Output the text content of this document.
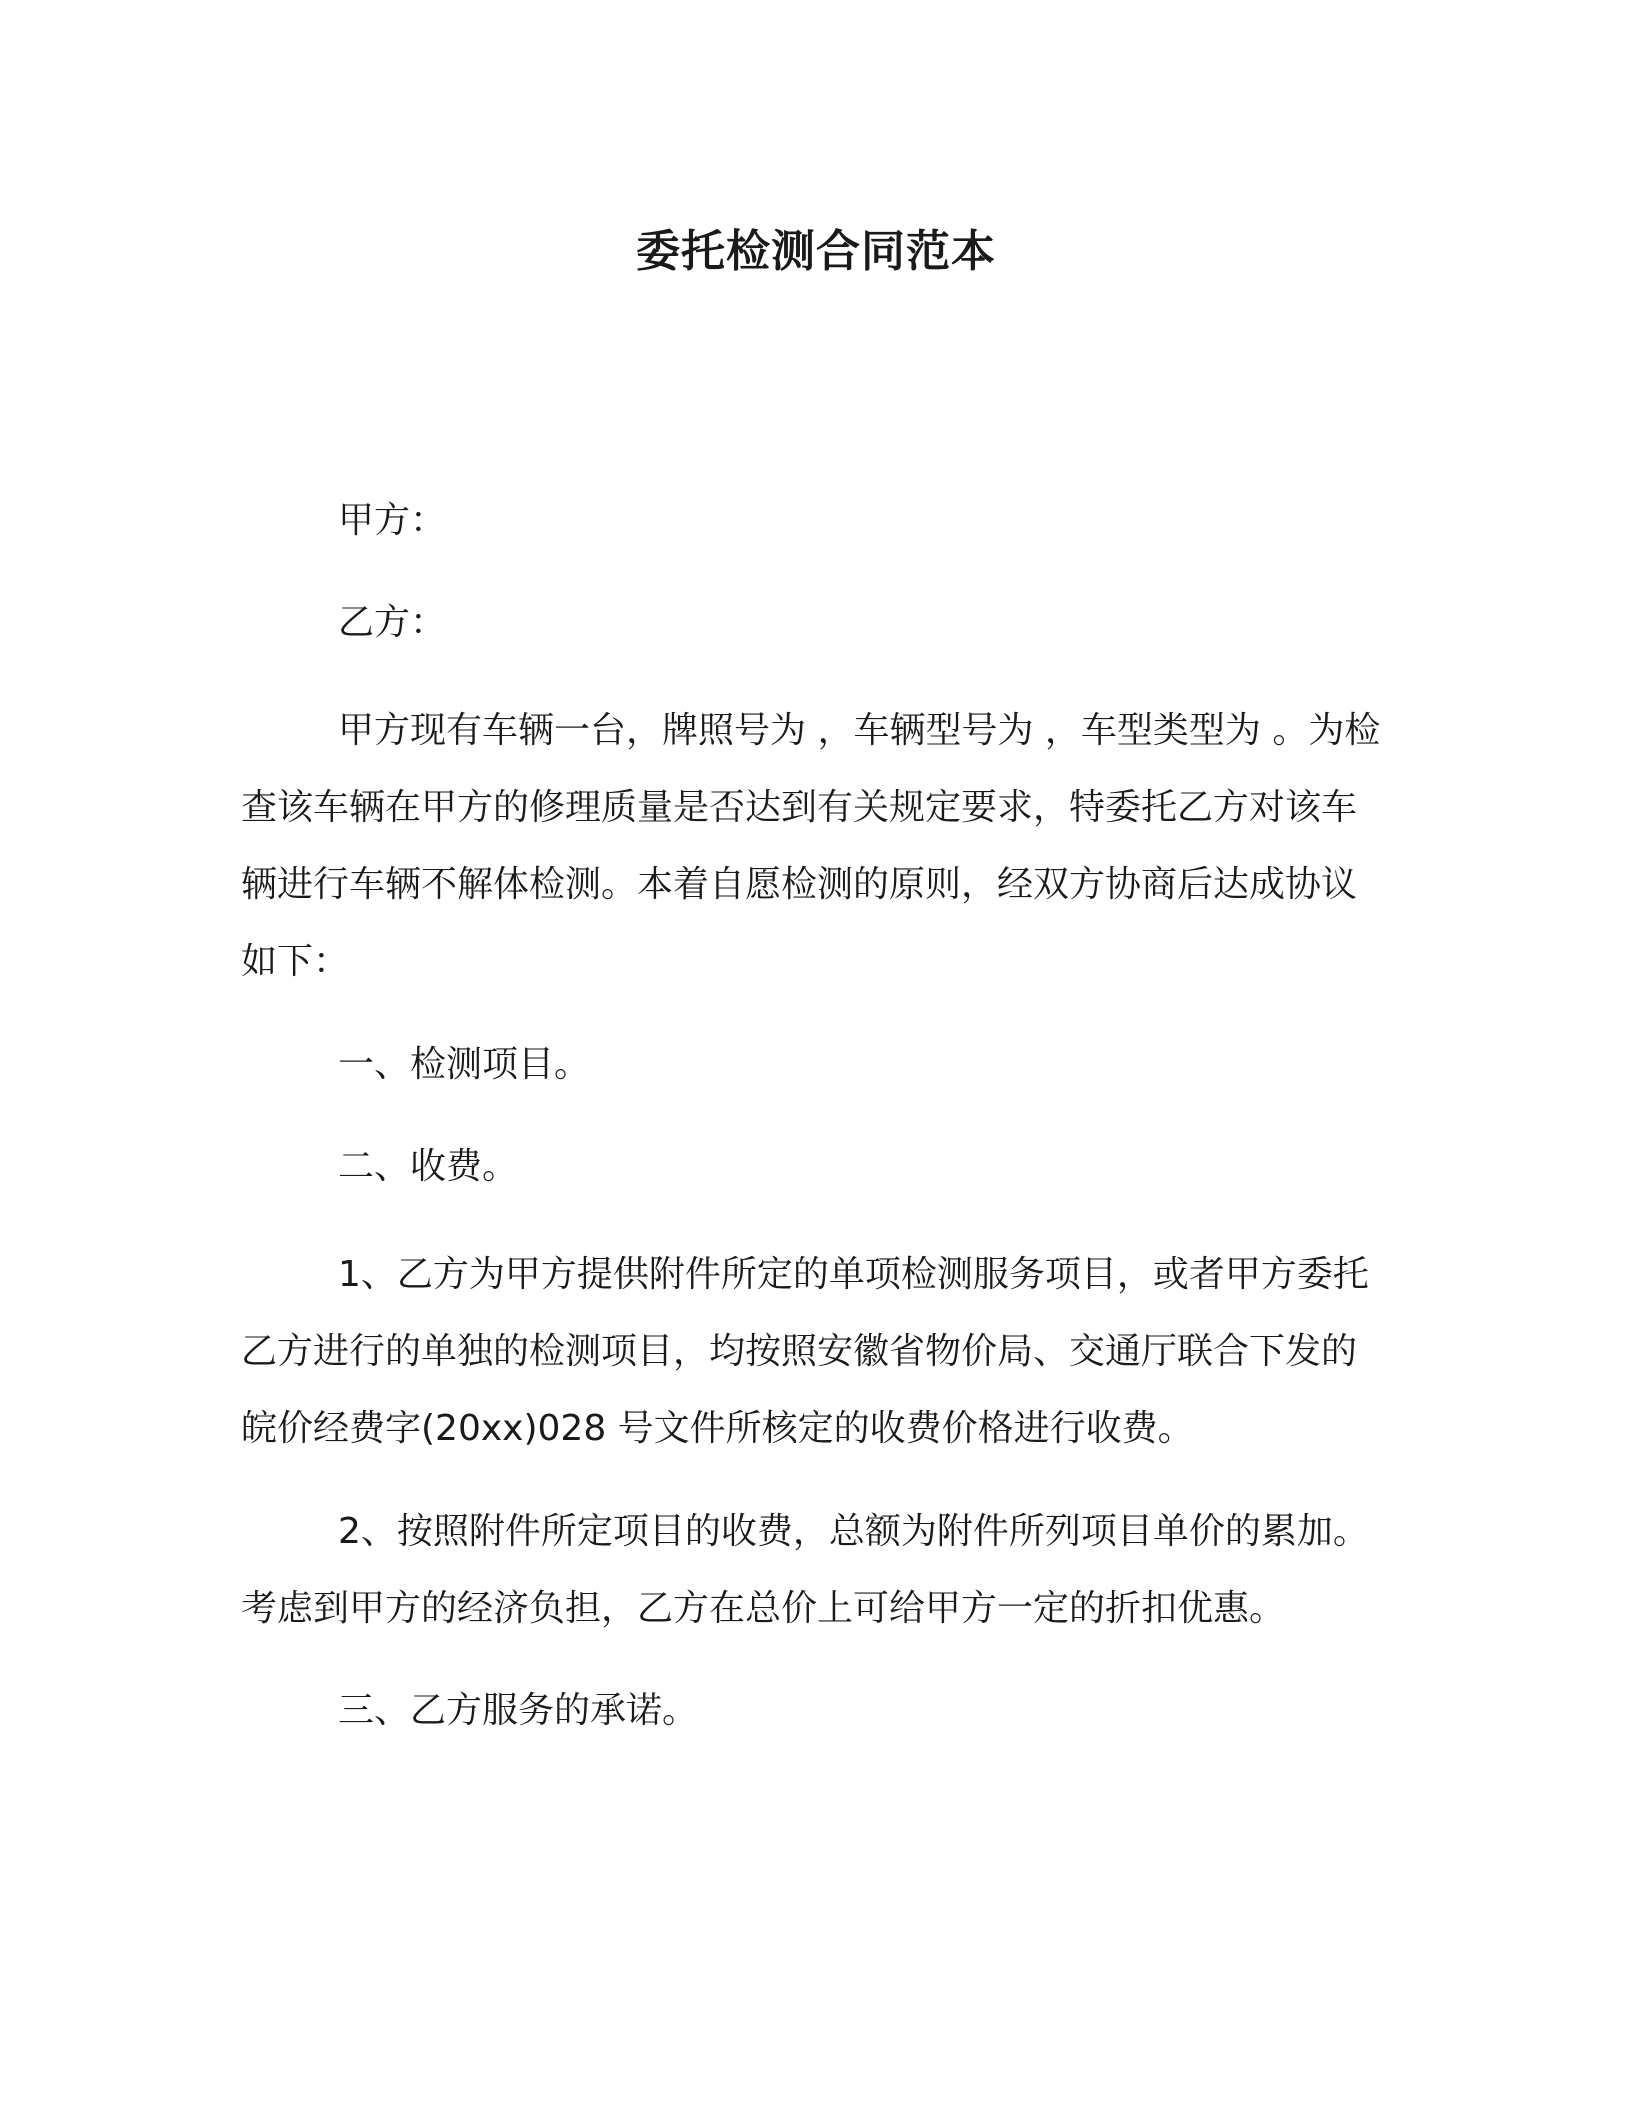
委托检测合同范本

甲方：

乙方：

甲方现有车辆一台，牌照号为 ，车辆型号为 ，车型类型为 。为检查该车辆在甲方的修理质量是否达到有关规定要求，特委托乙方对该车辆进行车辆不解体检测。本着自愿检测的原则，经双方协商后达成协议如下：

一、检测项目。

二、收费。

1、乙方为甲方提供附件所定的单项检测服务项目，或者甲方委托乙方进行的单独的检测项目，均按照安徽省物价局、交通厅联合下发的皖价经费字(20xx)028 号文件所核定的收费价格进行收费。

2、按照附件所定项目的收费，总额为附件所列项目单价的累加。考虑到甲方的经济负担，乙方在总价上可给甲方一定的折扣优惠。

三、乙方服务的承诺。
